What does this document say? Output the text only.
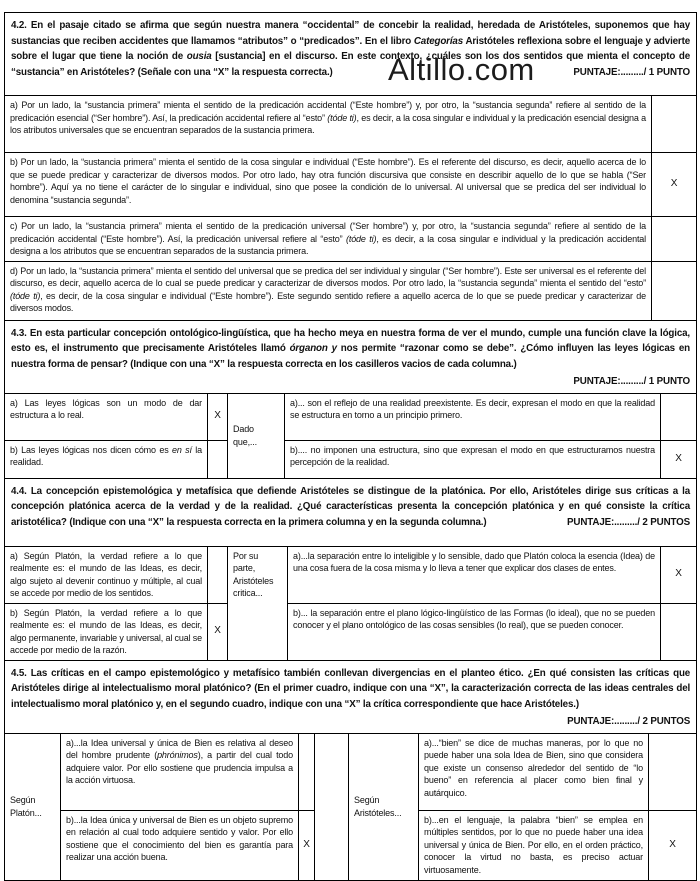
Altillo.com
4.2. En el pasaje citado se afirma que según nuestra manera “occidental” de concebir la realidad, heredada de Aristóteles, suponemos que hay sustancias que reciben accidentes que llamamos “atributos” o “predicados”. En el libro Categorías Aristóteles reflexiona sobre el lenguaje y advierte sobre el lugar que tiene la noción de ousia [sustancia] en el discurso. En este contexto, ¿cuáles son los dos sentidos que mienta el concepto de “sustancia” en Aristóteles? (Señale con una “X” la respuesta correcta.) PUNTAJE:........./ 1 PUNTO	

a) Por un lado, la “sustancia primera” mienta el sentido de la predicación accidental (“Este hombre”) y, por otro, la “sustancia segunda” refiere al sentido de la predicación esencial (“Ser hombre”). Así, la predicación accidental refiere al “esto” (tóde ti), es decir, a la cosa singular e individual y la predicación esencial designa a los atributos universales que se encuentran separados de la sustancia primera.	
b) Por un lado, la “sustancia primera” mienta el sentido de la cosa singular e individual (“Este hombre”). Es el referente del discurso, es decir, aquello acerca de lo que se puede predicar y caracterizar de diversos modos. Por otro lado, hay otra función discursiva que consiste en describir aquello de lo que se habla (“Ser hombre”). Aquí ya no tiene el carácter de lo singular e individual, sino que posee la condición de lo universal. Al universal que se predica del ser individual lo denomina “sustancia segunda”.	X
c) Por un lado, la “sustancia primera” mienta el sentido de la predicación universal (“Ser hombre”) y, por otro, la “sustancia segunda” refiere al sentido de la predicación accidental (“Este hombre”). Así, la predicación universal refiere al “esto” (tóde ti), es decir, a la cosa singular e individual y la predicación accidental designa a los atributos que se encuentran separados de la sustancia primera.	
d) Por un lado, la “sustancia primera” mienta el sentido del universal que se predica del ser individual y singular (“Ser hombre”). Este ser universal es el referente del discurso, es decir, aquello acerca de lo cual se puede predicar y caracterizar de diversos modos. Por otro lado, la “sustancia segunda” mienta el sentido del “esto” (tóde ti), es decir, de la cosa singular e individual (“Este hombre”). Este segundo sentido refiere a aquello acerca de lo que se puede predicar y caracterizar de diversos modos.	
4.3. En esta particular concepción ontológico-lingüística, que ha hecho meya en nuestra forma de ver el mundo, cumple una función clave la lógica, esto es, el instrumento que precisamente Aristóteles llamó órganon y nos permite “razonar como se debe”. ¿Cómo influyen las leyes lógicas en nuestra forma de pensar? (Indique con una “X” la respuesta correcta en los casilleros vacios de cada columna.)
PUNTAJE:........./ 1 PUNTO				

a) Las leyes lógicas son un modo de dar estructura a lo real.	X	Dado que,...	a)... son el reflejo de una realidad preexistente. Es decir, expresan el modo en que la realidad se estructura en torno a un principio primero.	
b) Las leyes lógicas nos dicen cómo es en sí la realidad.			b).... no imponen una estructura, sino que expresan el modo en que estructuramos nuestra percepción de la realidad.	X
4.4. La concepción epistemológica y metafísica que defiende Aristóteles se distingue de la platónica. Por ello, Aristóteles dirige sus críticas a la concepción platónica acerca de la verdad y de la realidad. ¿Qué características presenta la concepción platónica y en qué consiste la crítica aristotélica? (Indique con una “X” la respuesta correcta en la primera columna y en la segunda columna.) PUNTAJE:........./ 2 PUNTOS				

a) Según Platón, la verdad refiere a lo que realmente es: el mundo de las Ideas, es decir, algo sujeto al devenir continuo y múltiple, al cual se accede por medio de los sentidos.		Por su parte, Aristóteles critica...	a)...la separación entre lo inteligible y lo sensible, dado que Platón coloca la esencia (Idea) de una cosa fuera de la cosa misma y lo lleva a tener que explicar dos clases de entes.	X
b) Según Platón, la verdad refiere a lo que realmente es: el mundo de las Ideas, es decir, algo permanente, invariable y universal, al cual se accede por medio de la razón.	X		b)... la separación entre el plano lógico-lingüístico de las Formas (lo ideal), que no se pueden conocer y el plano ontológico de las cosas sensibles (lo real), que se pueden conocer.	
4.5. Las críticas en el campo epistemológico y metafísico también conllevan divergencias en el planteo ético. ¿En qué consisten las críticas que Aristóteles dirige al intelectualismo moral platónico? (En el primer cuadro, indique con una “X”, la caracterización correcta de las ideas centrales del intelectualismo moral platónico y, en el segundo cuadro, indique con una “X” la crítica correspondiente que hace Aristóteles.)
PUNTAJE:........./ 2 PUNTOS						

Según Platón...	a)...la Idea universal y única de Bien es relativa al deseo del hombre prudente (phrónimos), a partir del cual todo adquiere valor. Por ello sostiene que prudencia impulsa a la acción virtuosa.			Según Aristóteles...	a)...“bien” se dice de muchas maneras, por lo que no puede haber una sola Idea de Bien, sino que considera que existe un consenso alrededor del sentido de “lo bueno” en referencia al placer como bien final y autárquico.	
b)...la Idea única y universal de Bien es un objeto supremo en relación al cual todo adquiere sentido y valor. Por ello sostiene que el conocimiento del bien es garantía para realizar una acción buena.	X	b)...en el lenguaje, la palabra “bien” se emplea en múltiples sentidos, por lo que no puede haber una idea universal y única de Bien. Por ello, en el orden práctico, conocer la virtud no basta, es preciso actuar virtuosamente.	X
